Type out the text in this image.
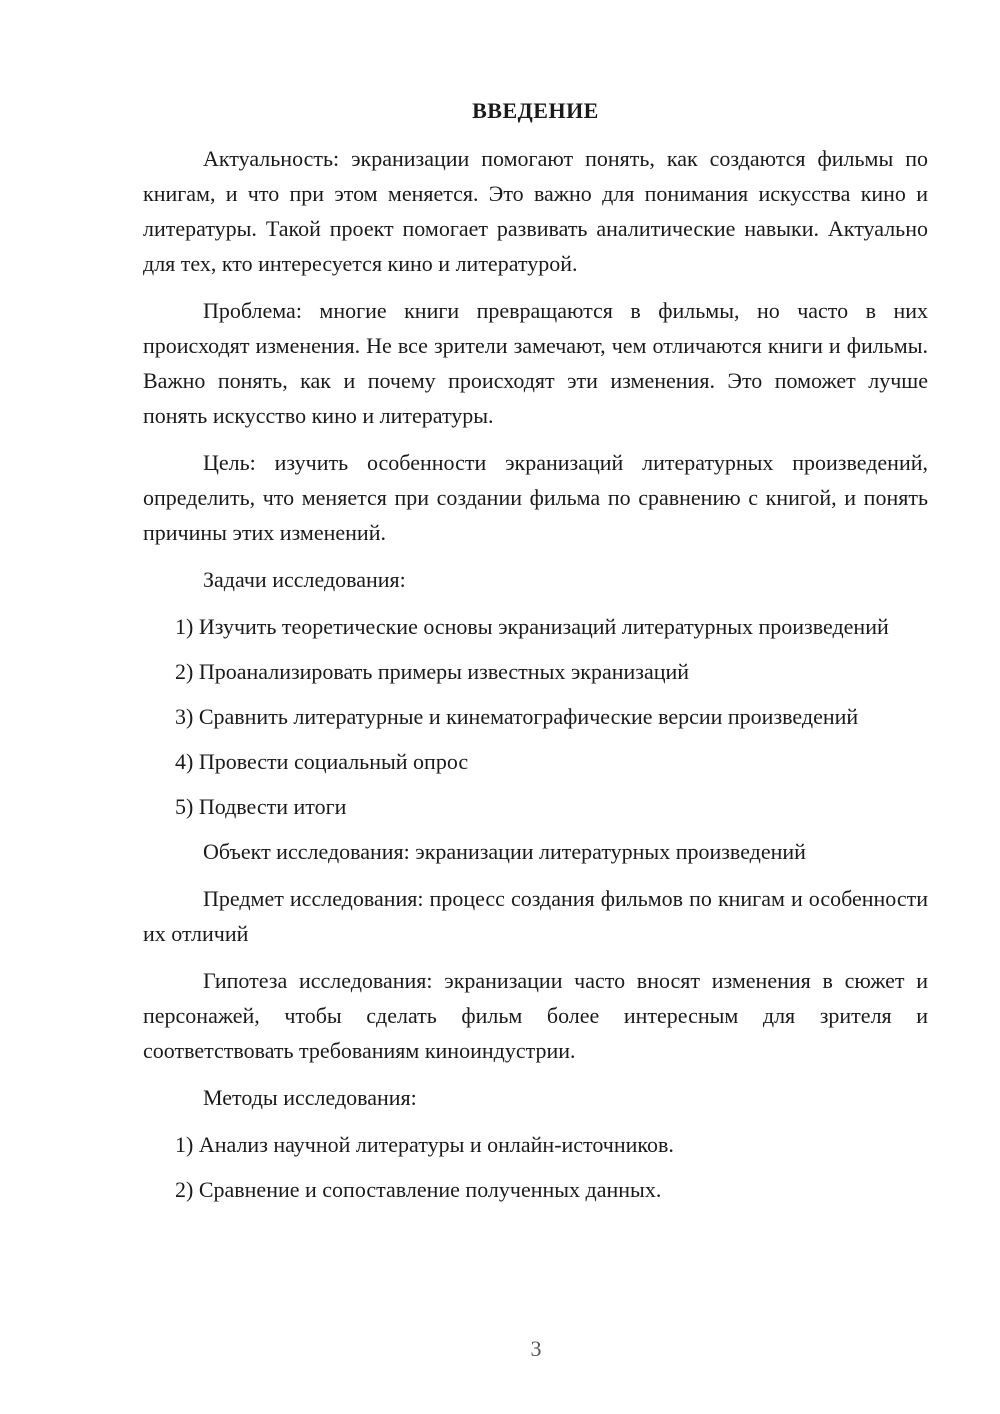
ВВЕДЕНИЕ

Актуальность: экранизации помогают понять, как создаются фильмы по книгам, и что при этом меняется. Это важно для понимания искусства кино и литературы. Такой проект помогает развивать аналитические навыки. Актуально для тех, кто интересуется кино и литературой.

Проблема: многие книги превращаются в фильмы, но часто в них происходят изменения. Не все зрители замечают, чем отличаются книги и фильмы. Важно понять, как и почему происходят эти изменения. Это поможет лучше понять искусство кино и литературы.

Цель: изучить особенности экранизаций литературных произведений, определить, что меняется при создании фильма по сравнению с книгой, и понять причины этих изменений.

Задачи исследования:

1) Изучить теоретические основы экранизаций литературных произведений

2) Проанализировать примеры известных экранизаций

3) Сравнить литературные и кинематографические версии произведений

4) Провести социальный опрос

5) Подвести итоги

Объект исследования: экранизации литературных произведений

Предмет исследования: процесс создания фильмов по книгам и особенности их отличий

Гипотеза исследования: экранизации часто вносят изменения в сюжет и персонажей, чтобы сделать фильм более интересным для зрителя и соответствовать требованиям киноиндустрии.

Методы исследования:

1) Анализ научной литературы и онлайн-источников.

2) Сравнение и сопоставление полученных данных.

3
